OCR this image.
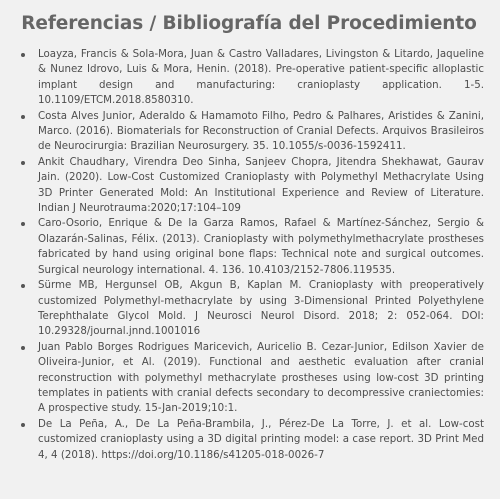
Referencias / Bibliografía del Procedimiento
Loayza, Francis & Sola-Mora, Juan & Castro Valladares, Livingston & Litardo, Jaqueline & Nunez Idrovo, Luis & Mora, Henin. (2018). Pre-operative patient-specific alloplastic implant design and manufacturing: cranioplasty application. 1-5. 10.1109/ETCM.2018.8580310.
Costa Alves Junior, Aderaldo & Hamamoto Filho, Pedro & Palhares, Aristides & Zanini, Marco. (2016). Biomaterials for Reconstruction of Cranial Defects. Arquivos Brasileiros de Neurocirurgia: Brazilian Neurosurgery. 35. 10.1055/s-0036-1592411.
Ankit Chaudhary, Virendra Deo Sinha, Sanjeev Chopra, Jitendra Shekhawat, Gaurav Jain. (2020). Low-Cost Customized Cranioplasty with Polymethyl Methacrylate Using 3D Printer Generated Mold: An Institutional Experience and Review of Literature. Indian J Neurotrauma:2020;17:104–109
Caro-Osorio, Enrique & De la Garza Ramos, Rafael & Martínez-Sánchez, Sergio & Olazarán-Salinas, Félix. (2013). Cranioplasty with polymethylmethacrylate prostheses fabricated by hand using original bone flaps: Technical note and surgical outcomes. Surgical neurology international. 4. 136. 10.4103/2152-7806.119535.
Sürme MB, Hergunsel OB, Akgun B, Kaplan M. Cranioplasty with preoperatively customized Polymethyl-methacrylate by using 3-Dimensional Printed Polyethylene Terephthalate Glycol Mold. J Neurosci Neurol Disord. 2018; 2: 052-064. DOI: 10.29328/journal.jnnd.1001016
Juan Pablo Borges Rodrigues Maricevich, Auricelio B. Cezar-Junior, Edilson Xavier de Oliveira-Junior, et Al. (2019). Functional and aesthetic evaluation after cranial reconstruction with polymethyl methacrylate prostheses using low-cost 3D printing templates in patients with cranial defects secondary to decompressive craniectomies: A prospective study. 15-Jan-2019;10:1.
De La Peña, A., De La Peña-Brambila, J., Pérez-De La Torre, J. et al. Low-cost customized cranioplasty using a 3D digital printing model: a case report. 3D Print Med 4, 4 (2018). https://doi.org/10.1186/s41205-018-0026-7
